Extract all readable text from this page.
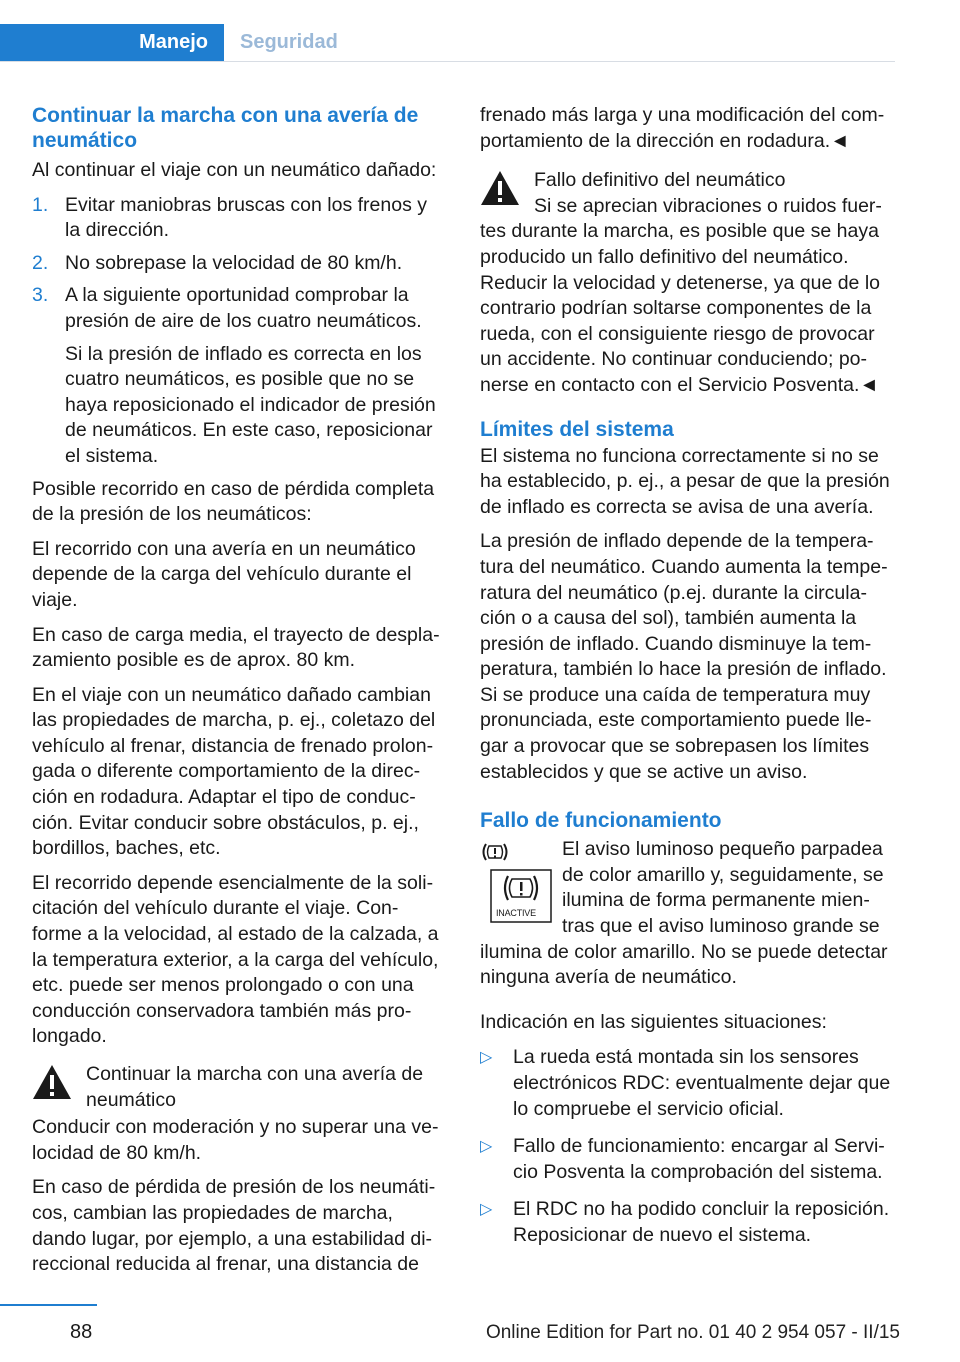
Manejo	Seguridad
Continuar la marcha con una avería de neumático

Al continuar el viaje con un neumático dañado:

1. Evitar maniobras bruscas con los frenos y la dirección.
2. No sobrepase la velocidad de 80 km/h.
3. A la siguiente oportunidad comprobar la presión de aire de los cuatro neumáticos.
Si la presión de inflado es correcta en los cuatro neumáticos, es posible que no se haya reposicionado el indicador de presión de neumáticos. En este caso, reposicionar el sistema.

Posible recorrido en caso de pérdida completa de la presión de los neumáticos:

El recorrido con una avería en un neumático depende de la carga del vehículo durante el viaje.

En caso de carga media, el trayecto de despla‐zamiento posible es de aprox. 80 km.

En el viaje con un neumático dañado cambian las propiedades de marcha, p. ej., coletazo del vehículo al frenar, distancia de frenado prolon‐gada o diferente comportamiento de la direc‐ción en rodadura. Adaptar el tipo de conduc‐ción. Evitar conducir sobre obstáculos, p. ej., bordillos, baches, etc.

El recorrido depende esencialmente de la soli‐citación del vehículo durante el viaje. Con‐forme a la velocidad, al estado de la calzada, a la temperatura exterior, a la carga del vehículo, etc. puede ser menos prolongado o con una conducción conservadora también más pro‐longado.

Continuar la marcha con una avería de neumático

Conducir con moderación y no superar una ve‐locidad de 80 km/h.

En caso de pérdida de presión de los neumáti‐cos, cambian las propiedades de marcha, dando lugar, por ejemplo, a una estabilidad di‐reccional reducida al frenar, una distancia de

frenado más larga y una modificación del com‐portamiento de la dirección en rodadura.◄

Fallo definitivo del neumático

Si se aprecian vibraciones o ruidos fuer‐tes durante la marcha, es posible que se haya producido un fallo definitivo del neumático. Reducir la velocidad y detenerse, ya que de lo contrario podrían soltarse componentes de la rueda, con el consiguiente riesgo de provocar un accidente. No continuar conduciendo; po‐nerse en contacto con el Servicio Posventa.◄

Límites del sistema

El sistema no funciona correctamente si no se ha establecido, p. ej., a pesar de que la presión de inflado es correcta se avisa de una avería.

La presión de inflado depende de la tempera‐tura del neumático. Cuando aumenta la tempe‐ratura del neumático (p.ej. durante la circula‐ción o a causa del sol), también aumenta la presión de inflado. Cuando disminuye la tem‐peratura, también lo hace la presión de inflado. Si se produce una caída de temperatura muy pronunciada, este comportamiento puede lle‐gar a provocar que se sobrepasen los límites establecidos y que se active un aviso.

Fallo de funcionamiento
INACTIVE

El aviso luminoso pequeño parpadea de color amarillo y, seguidamente, se ilumina de forma permanente mien‐tras que el aviso luminoso grande se ilumina de color amarillo. No se puede detectar ninguna avería de neumático.

Indicación en las siguientes situaciones:

▷ La rueda está montada sin los sensores electrónicos RDC: eventualmente dejar que lo compruebe el servicio oficial.
▷ Fallo de funcionamiento: encargar al Servi‐cio Posventa la comprobación del sistema.
▷ El RDC no ha podido concluir la reposición. Reposicionar de nuevo el sistema.
88	Online Edition for Part no. 01 40 2 954 057 - II/15
